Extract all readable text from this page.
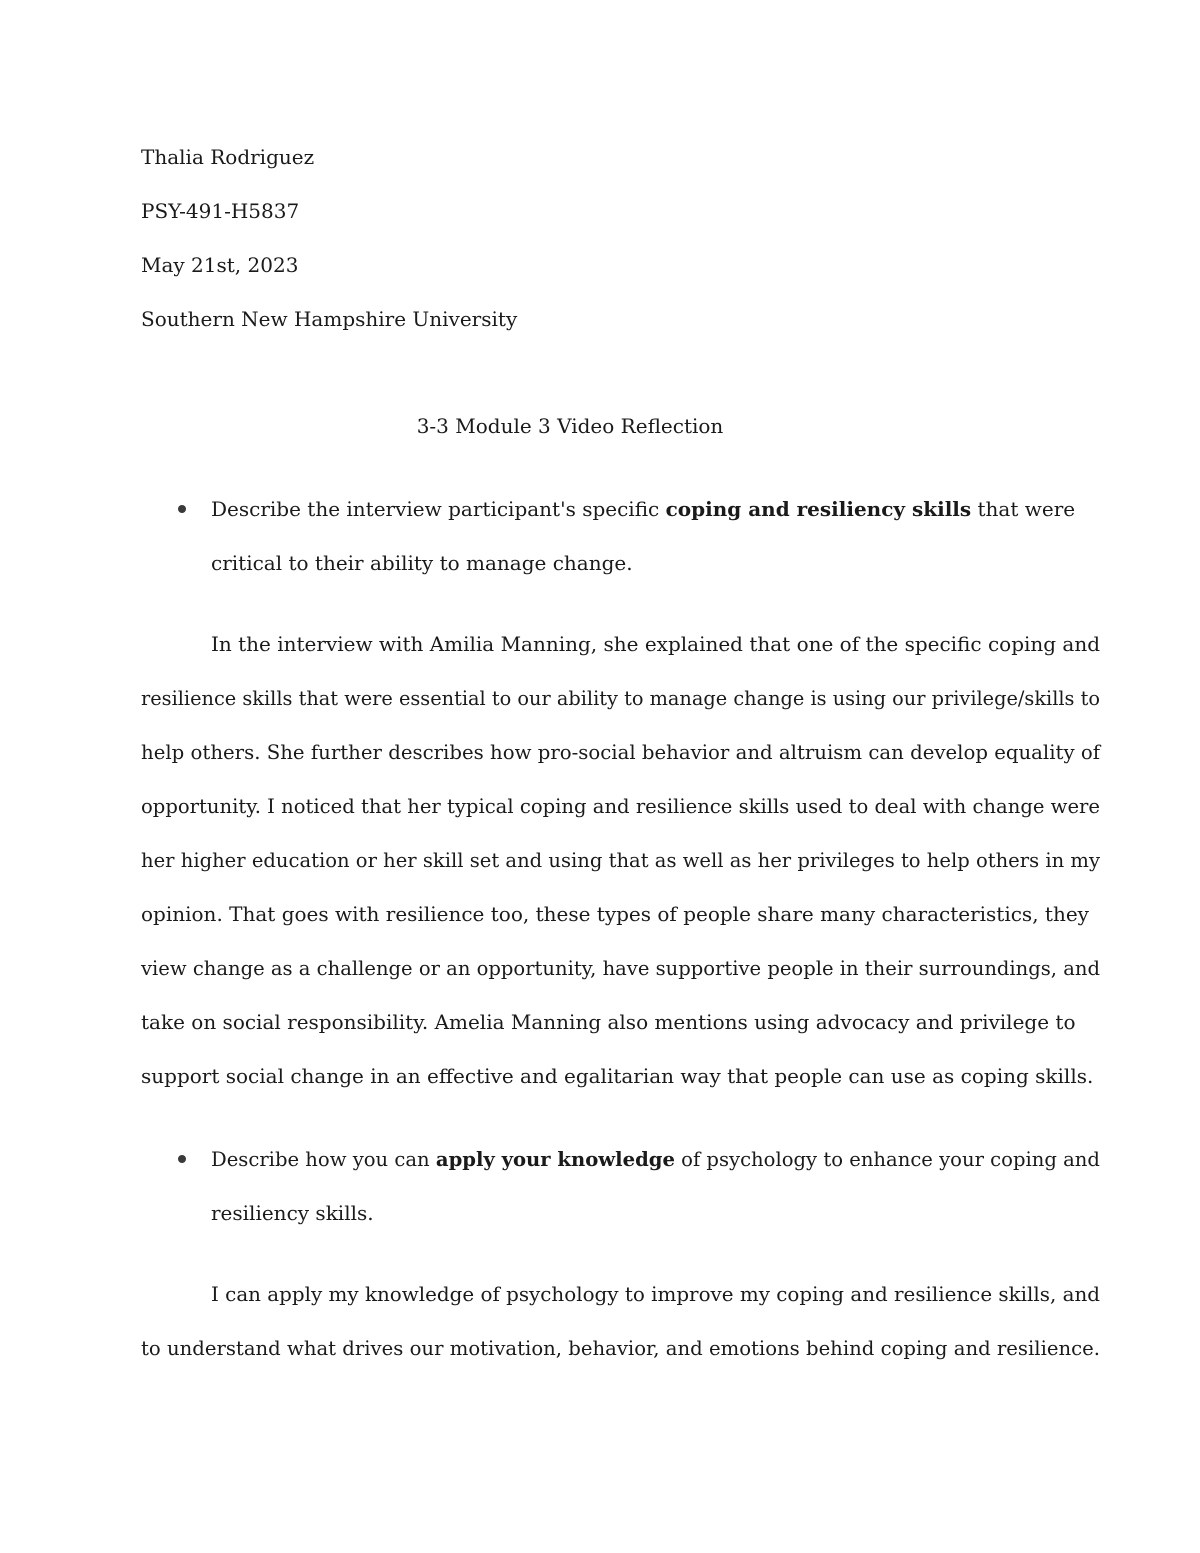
Thalia Rodriguez
PSY-491-H5837
May 21st, 2023
Southern New Hampshire University
3-3 Module 3 Video Reflection
Describe the interview participant's specific coping and resiliency skills that were
critical to their ability to manage change.
In the interview with Amilia Manning, she explained that one of the specific coping and
resilience skills that were essential to our ability to manage change is using our privilege/skills to
help others. She further describes how pro-social behavior and altruism can develop equality of
opportunity. I noticed that her typical coping and resilience skills used to deal with change were
her higher education or her skill set and using that as well as her privileges to help others in my
opinion. That goes with resilience too, these types of people share many characteristics, they
view change as a challenge or an opportunity, have supportive people in their surroundings, and
take on social responsibility. Amelia Manning also mentions using advocacy and privilege to
support social change in an effective and egalitarian way that people can use as coping skills.
Describe how you can apply your knowledge of psychology to enhance your coping and
resiliency skills.
I can apply my knowledge of psychology to improve my coping and resilience skills, and
to understand what drives our motivation, behavior, and emotions behind coping and resilience.
